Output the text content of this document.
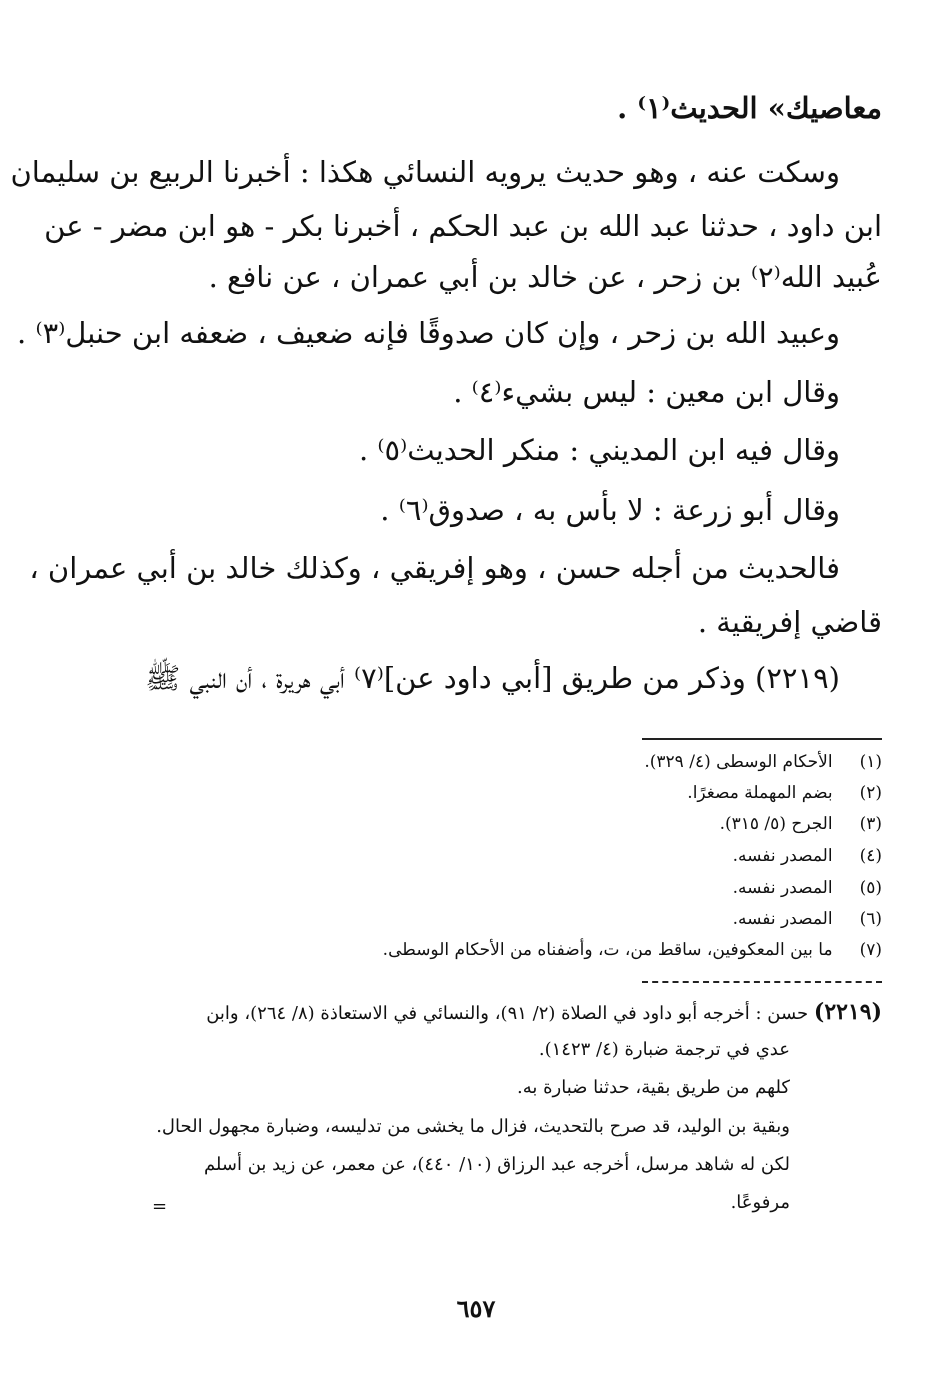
معاصيك» الحديث⁽١⁾ .
وسكت عنه ، وهو حديث يرويه النسائي هكذا : أخبرنا الربيع بن سليمان
ابن داود ، حدثنا عبد الله بن عبد الحكم ، أخبرنا بكر - هو ابن مضر - عن
عُبيد الله⁽٢⁾ بن زحر ، عن خالد بن أبي عمران ، عن نافع .
وعبيد الله بن زحر ، وإن كان صدوقًا فإنه ضعيف ، ضعفه ابن حنبل⁽٣⁾ .
وقال ابن معين : ليس بشيء⁽٤⁾ .
وقال فيه ابن المديني : منكر الحديث⁽٥⁾ .
وقال أبو زرعة : لا بأس به ، صدوق⁽٦⁾ .
فالحديث من أجله حسن ، وهو إفريقي ، وكذلك خالد بن أبي عمران ،
قاضي إفريقية .
(٢٢١٩) وذكر من طريق [أبي داود عن]⁽٧⁾ أبي هريرة ، أن النبي ﷺ
(١) الأحكام الوسطى (٤/ ٣٢٩).
(٢) بضم المهملة مصغرًا.
(٣) الجرح (٥/ ٣١٥).
(٤) المصدر نفسه.
(٥) المصدر نفسه.
(٦) المصدر نفسه.
(٧) ما بين المعكوفين، ساقط من، ت، وأضفناه من الأحكام الوسطى.
(٢٢١٩) حسن : أخرجه أبو داود في الصلاة (٢/ ٩١)، والنسائي في الاستعاذة (٨/ ٢٦٤)، وابن
عدي في ترجمة ضبارة (٤/ ١٤٢٣).
كلهم من طريق بقية، حدثنا ضبارة به.
وبقية بن الوليد، قد صرح بالتحديث، فزال ما يخشى من تدليسه، وضبارة مجهول الحال.
لكن له شاهد مرسل، أخرجه عبد الرزاق (١٠/ ٤٤٠)، عن معمر، عن زيد بن أسلم
مرفوعًا.
=
٦٥٧
